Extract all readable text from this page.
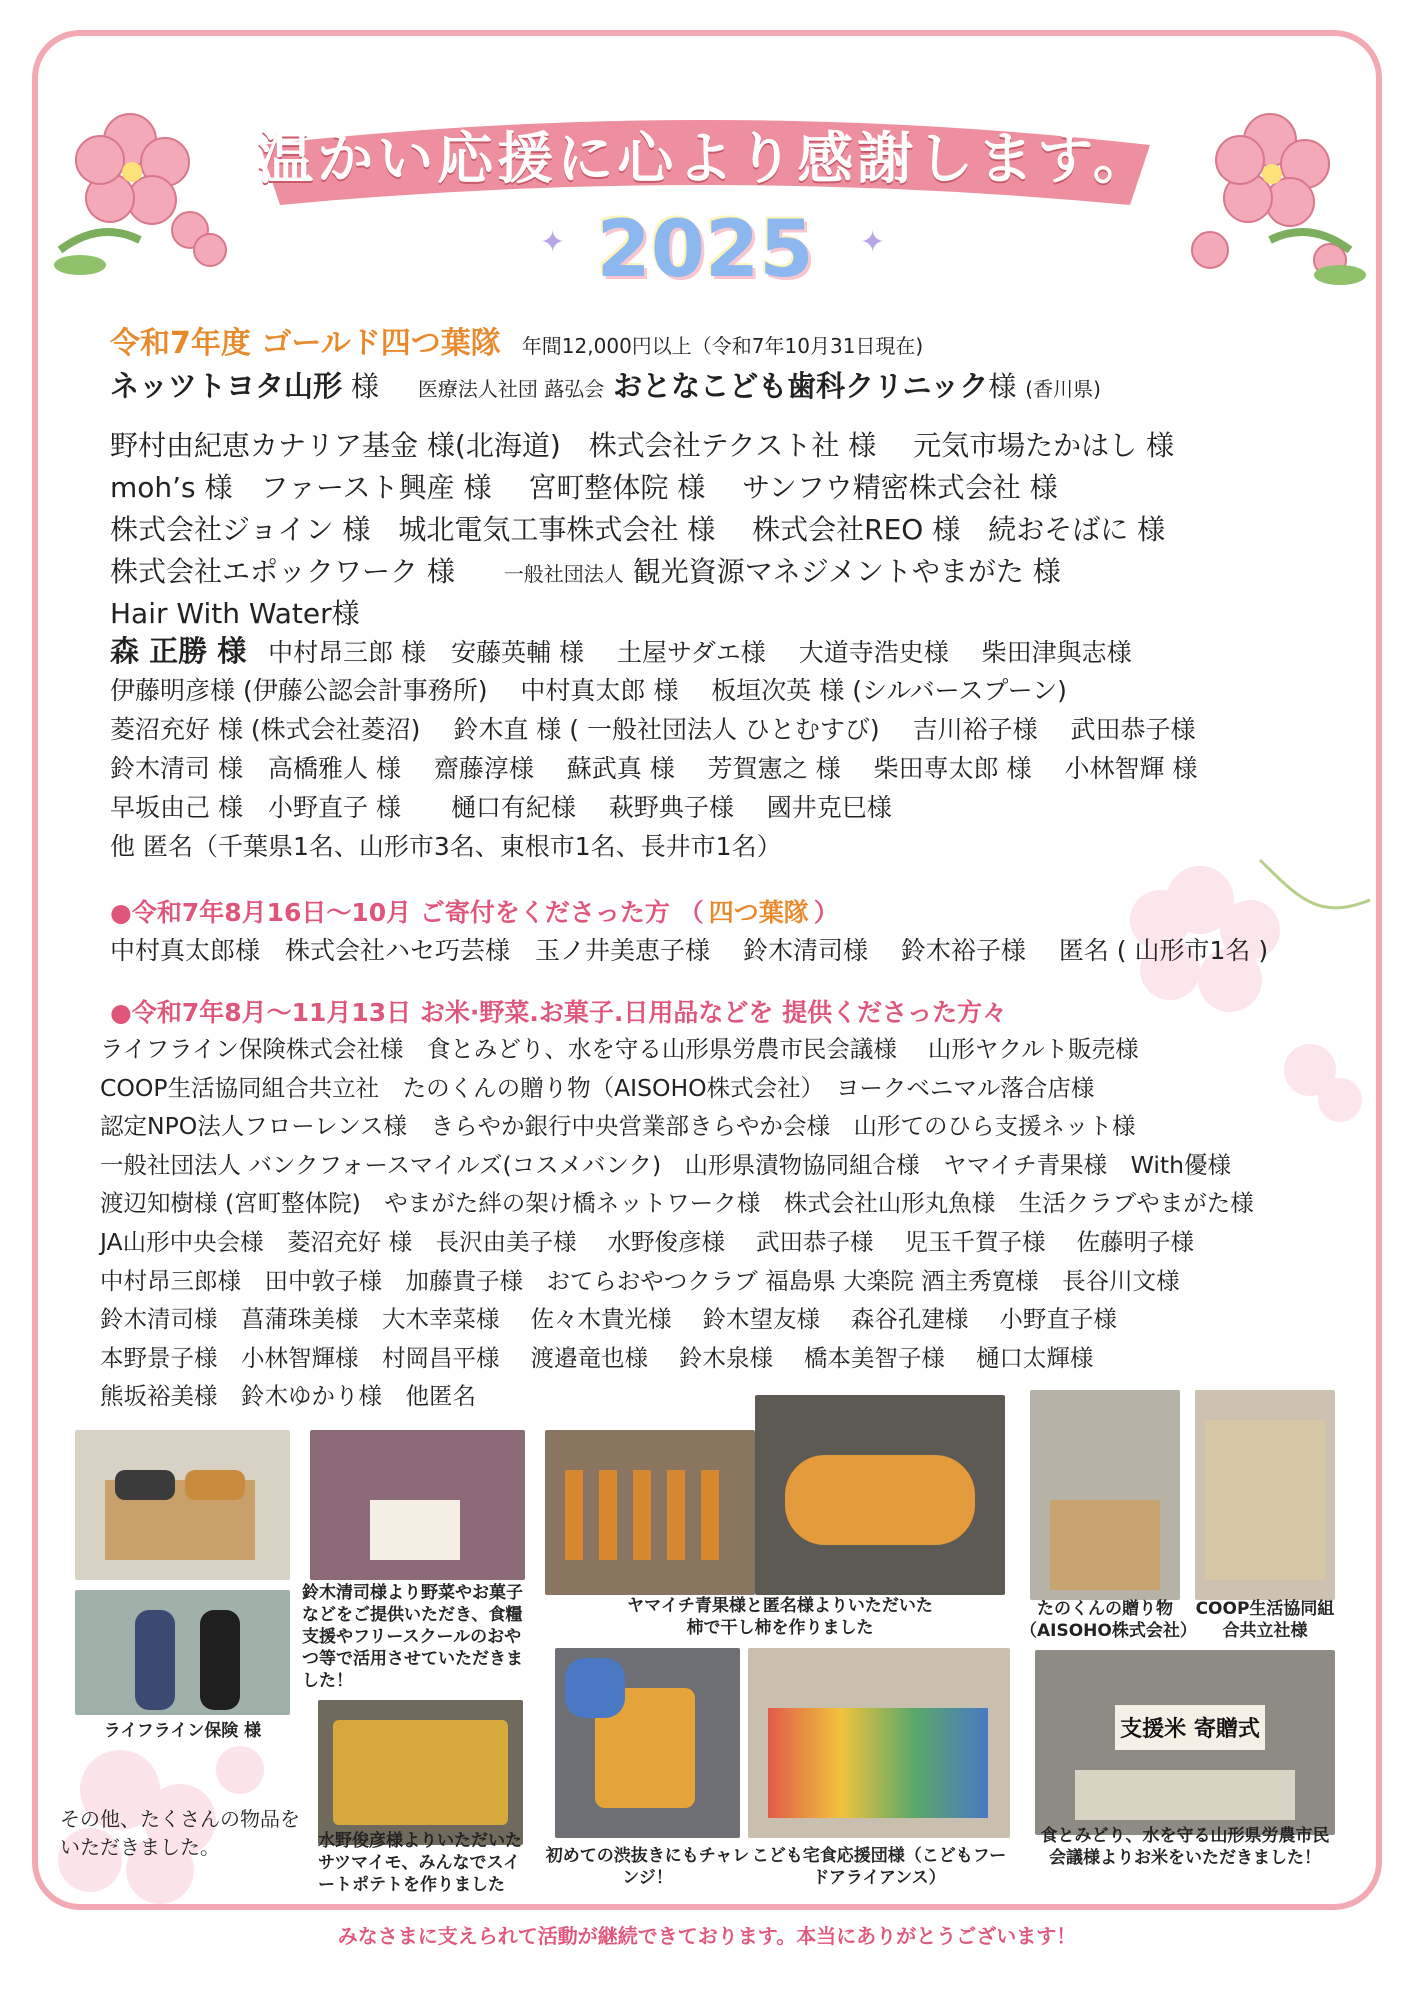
温かい応援に心より感謝します。
2025
✦	✦
令和7年度 ゴールド四つ葉隊 年間12,000円以上（令和7年10月31日現在)
ネッツトヨタ山形 様 医療法人社団 蕗弘会 おとなこども歯科クリニック様 (香川県)
野村由紀恵カナリア基金 様(北海道)　株式会社テクスト社 様　 元気市場たかはし 様
moh’s 様　ファースト興産 様　 宮町整体院 様　 サンフウ精密株式会社 様
株式会社ジョイン 様　城北電気工事株式会社 様　 株式会社REO 様　続おそばに 様
株式会社エポックワーク 様 一般社団法人 観光資源マネジメントやまがた 様
Hair With Water様
森 正勝 様 中村昂三郎 様　安藤英輔 様　 土屋サダエ様　 大道寺浩史様　 柴田津與志様
伊藤明彦様 (伊藤公認会計事務所)　 中村真太郎 様　 板垣次英 様 (シルバースプーン)
菱沼充好 様 (株式会社菱沼)　 鈴木直 様 ( 一般社団法人 ひとむすび)　 吉川裕子様　 武田恭子様
鈴木清司 様　高橋雅人 様　 齋藤淳様　 蘇武真 様　 芳賀憲之 様　 柴田専太郎 様　 小林智輝 様
早坂由己 様　小野直子 様　　樋口有紀様　 萩野典子様　 國井克巳様
他 匿名（千葉県1名、山形市3名、東根市1名、長井市1名）
●令和7年8月16日〜10月 ご寄付をくださった方 （ 四つ葉隊 ）
中村真太郎様　株式会社ハセ巧芸様　玉ノ井美恵子様　 鈴木清司様　 鈴木裕子様　 匿名 ( 山形市1名 )
●令和7年8月〜11月13日 お米·野菜.お菓子.日用品などを 提供くださった方々
ライフライン保険株式会社様　食とみどり、水を守る山形県労農市民会議様　 山形ヤクルト販売様
COOP生活協同組合共立社　たのくんの贈り物（AISOHO株式会社）　ヨークベニマル落合店様
認定NPO法人フローレンス様　きらやか銀行中央営業部きらやか会様　山形てのひら支援ネット様
一般社団法人 バンクフォースマイルズ(コスメバンク)　山形県漬物協同組合様　ヤマイチ青果様　With優様
渡辺知樹様 (宮町整体院)　やまがた絆の架け橋ネットワーク様　株式会社山形丸魚様　生活クラブやまがた様
JA山形中央会様　菱沼充好 様　長沢由美子様　 水野俊彦様　 武田恭子様　 児玉千賀子様　 佐藤明子様
中村昂三郎様　田中敦子様　加藤貴子様　おてらおやつクラブ 福島県 大楽院 酒主秀寛様　長谷川文様
鈴木清司様　菖蒲珠美様　大木幸菜様　 佐々木貴光様　 鈴木望友様　 森谷孔建様　 小野直子様
本野景子様　小林智輝様　村岡昌平様　 渡邉竜也様　 鈴木泉様　 橋本美智子様　 樋口太輝様
熊坂裕美様　鈴木ゆかり様　他匿名
鈴木清司様より野菜やお菓子などをご提供いただき、食糧支援やフリースクールのおやつ等で活用させていただきました！
ライフライン保険 様
水野俊彦様よりいただいたサツマイモ、みんなでスイートポテトを作りました
その他、たくさんの物品をいただきました。
ヤマイチ青果様と匿名様よりいただいた柿で干し柿を作りました
たのくんの贈り物（AISOHO株式会社）
COOP生活協同組合共立社様
初めての渋抜きにもチャレンジ！
こども宅食応援団様（こどもフードアライアンス）
支援米 寄贈式
食とみどり、水を守る山形県労農市民会議様よりお米をいただきました！
みなさまに支えられて活動が継続できております。本当にありがとうございます！
